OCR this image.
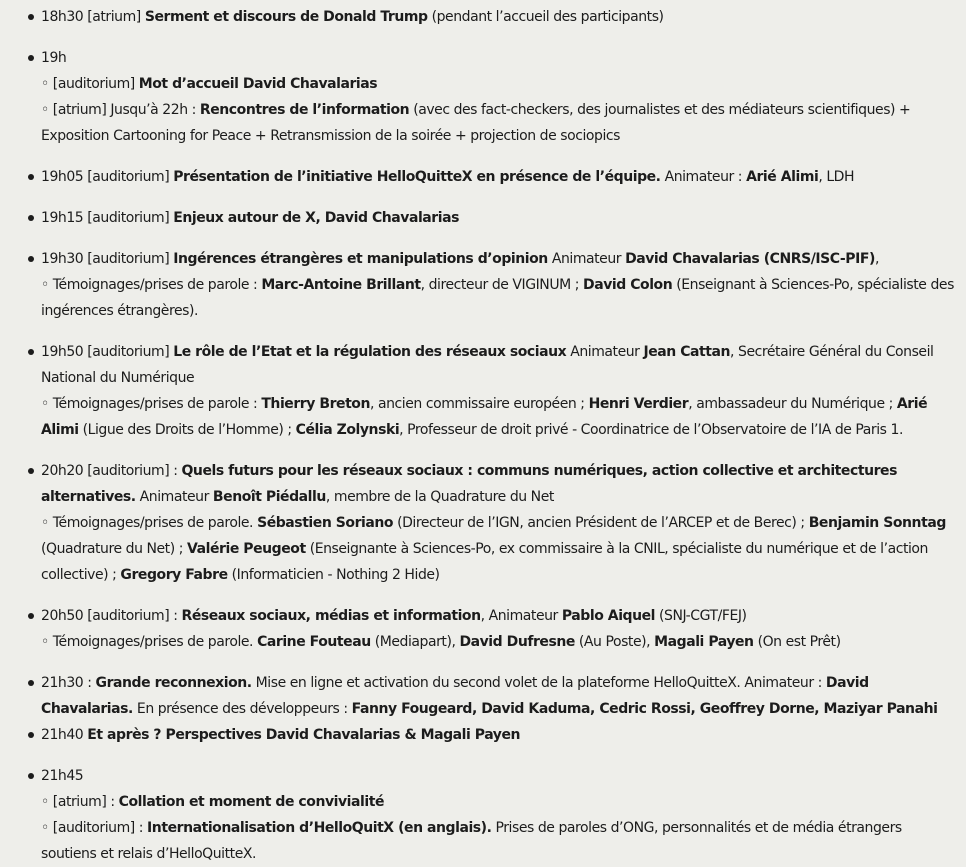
18h30 [atrium] Serment et discours de Donald Trump (pendant l’accueil des participants)
19h
◦ [auditorium] Mot d’accueil David Chavalarias
◦ [atrium] Jusqu’à 22h : Rencontres de l’information (avec des fact-checkers, des journalistes et des médiateurs scientifiques) + Exposition Cartooning for Peace + Retransmission de la soirée + projection de sociopics
19h05 [auditorium] Présentation de l’initiative HelloQuitteX en présence de l’équipe. Animateur : Arié Alimi, LDH
19h15 [auditorium] Enjeux autour de X, David Chavalarias
19h30 [auditorium] Ingérences étrangères et manipulations d’opinion Animateur David Chavalarias (CNRS/ISC-PIF),
◦ Témoignages/prises de parole : Marc-Antoine Brillant, directeur de VIGINUM ; David Colon (Enseignant à Sciences-Po, spécialiste des ingérences étrangères).
19h50 [auditorium] Le rôle de l’Etat et la régulation des réseaux sociaux Animateur Jean Cattan, Secrétaire Général du Conseil National du Numérique
◦ Témoignages/prises de parole : Thierry Breton, ancien commissaire européen ; Henri Verdier, ambassadeur du Numérique ; Arié Alimi (Ligue des Droits de l’Homme) ; Célia Zolynski, Professeur de droit privé - Coordinatrice de l’Observatoire de l’IA de Paris 1.
20h20 [auditorium] : Quels futurs pour les réseaux sociaux : communs numériques, action collective et architectures alternatives. Animateur Benoît Piédallu, membre de la Quadrature du Net
◦ Témoignages/prises de parole. Sébastien Soriano (Directeur de l’IGN, ancien Président de l’ARCEP et de Berec) ; Benjamin Sonntag (Quadrature du Net) ; Valérie Peugeot (Enseignante à Sciences-Po, ex commissaire à la CNIL, spécialiste du numérique et de l’action collective) ; Gregory Fabre (Informaticien - Nothing 2 Hide)
20h50 [auditorium] : Réseaux sociaux, médias et information, Animateur Pablo Aiquel (SNJ-CGT/FEJ)
◦ Témoignages/prises de parole. Carine Fouteau (Mediapart), David Dufresne (Au Poste), Magali Payen (On est Prêt)
21h30 : Grande reconnexion. Mise en ligne et activation du second volet de la plateforme HelloQuitteX. Animateur : David Chavalarias. En présence des développeurs : Fanny Fougeard, David Kaduma, Cedric Rossi, Geoffrey Dorne, Maziyar Panahi
21h40 Et après ? Perspectives David Chavalarias & Magali Payen
21h45
◦ [atrium] : Collation et moment de convivialité
◦ [auditorium] : Internationalisation d’HelloQuitX (en anglais). Prises de paroles d’ONG, personnalités et de média étrangers soutiens et relais d’HelloQuitteX.
